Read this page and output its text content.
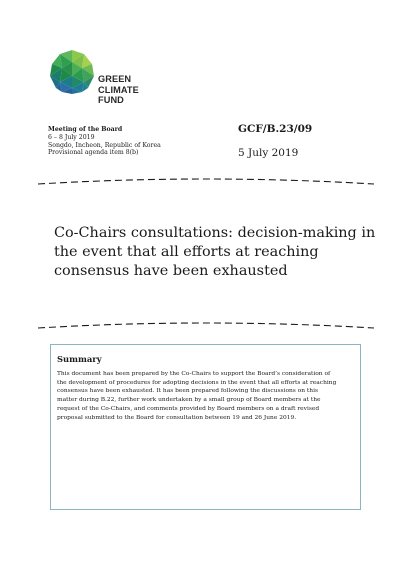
GREEN
CLIMATE
FUND
Meeting of the Board
6 – 8 July 2019
Songdo, Incheon, Republic of Korea
Provisional agenda item 8(b)
GCF/B.23/09
5 July 2019
Co-Chairs consultations: decision-making in
the event that all efforts at reaching
consensus have been exhausted
Summary
This document has been prepared by the Co-Chairs to support the Board’s consideration of
the development of procedures for adopting decisions in the event that all efforts at reaching
consensus have been exhausted. It has been prepared following the discussions on this
matter during B.22, further work undertaken by a small group of Board members at the
request of the Co-Chairs, and comments provided by Board members on a draft revised
proposal submitted to the Board for consultation between 19 and 26 June 2019.
